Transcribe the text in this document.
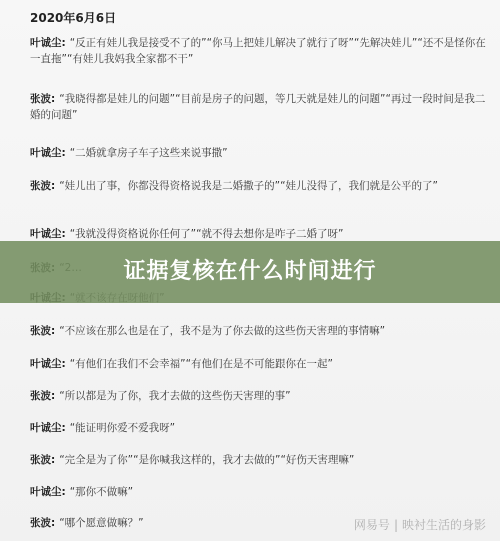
2020年6月6日
叶诚尘: “反正有娃儿我是接受不了的”“你马上把娃儿解决了就行了呀”“先解决娃儿”“还不是怪你在一直拖”“有娃儿我妈我全家都不干”
张波: “我晓得都是娃儿的问题”“目前是房子的问题，等几天就是娃儿的问题”“再过一段时间是我二婚的问题”
叶诚尘: “二婚就拿房子车子这些来说事撒”
张波: “娃儿出了事，你都没得资格说我是二婚撒子的”“娃儿没得了，我们就是公平的了”
叶诚尘: “我就没得资格说你任何了”“就不得去想你是咋子二婚了呀”
张波: “不应该在那么也是在了，我不是为了你去做的这些伤天害理的事情嘛”
叶诚尘: “有他们在我们不会幸福”“有他们在是不可能跟你在一起”
张波: “所以都是为了你，我才去做的这些伤天害理的事”
叶诚尘: “能证明你爱不爱我呀”
张波: “完全是为了你”“是你喊我这样的，我才去做的”“好伤天害理嘛”
叶诚尘: “那你不做嘛”
张波: “哪个愿意做嘛？”
证据复核在什么时间进行
网易号 | 映衬生活的身影
